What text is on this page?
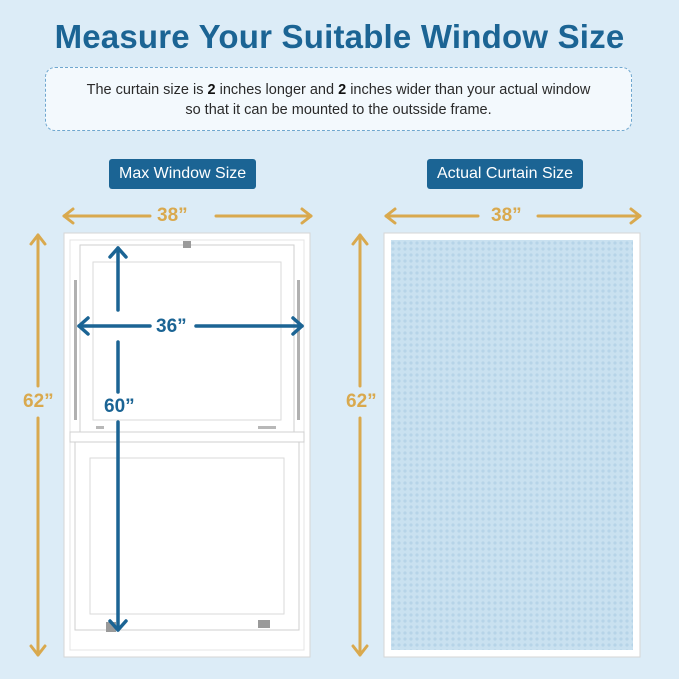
Measure Your Suitable Window Size
The curtain size is 2 inches longer and 2 inches wider than your actual window
so that it can be mounted to the outsside frame.
Max Window Size	Actual Curtain Size
38”
62”
38”
62”
36”
60”
